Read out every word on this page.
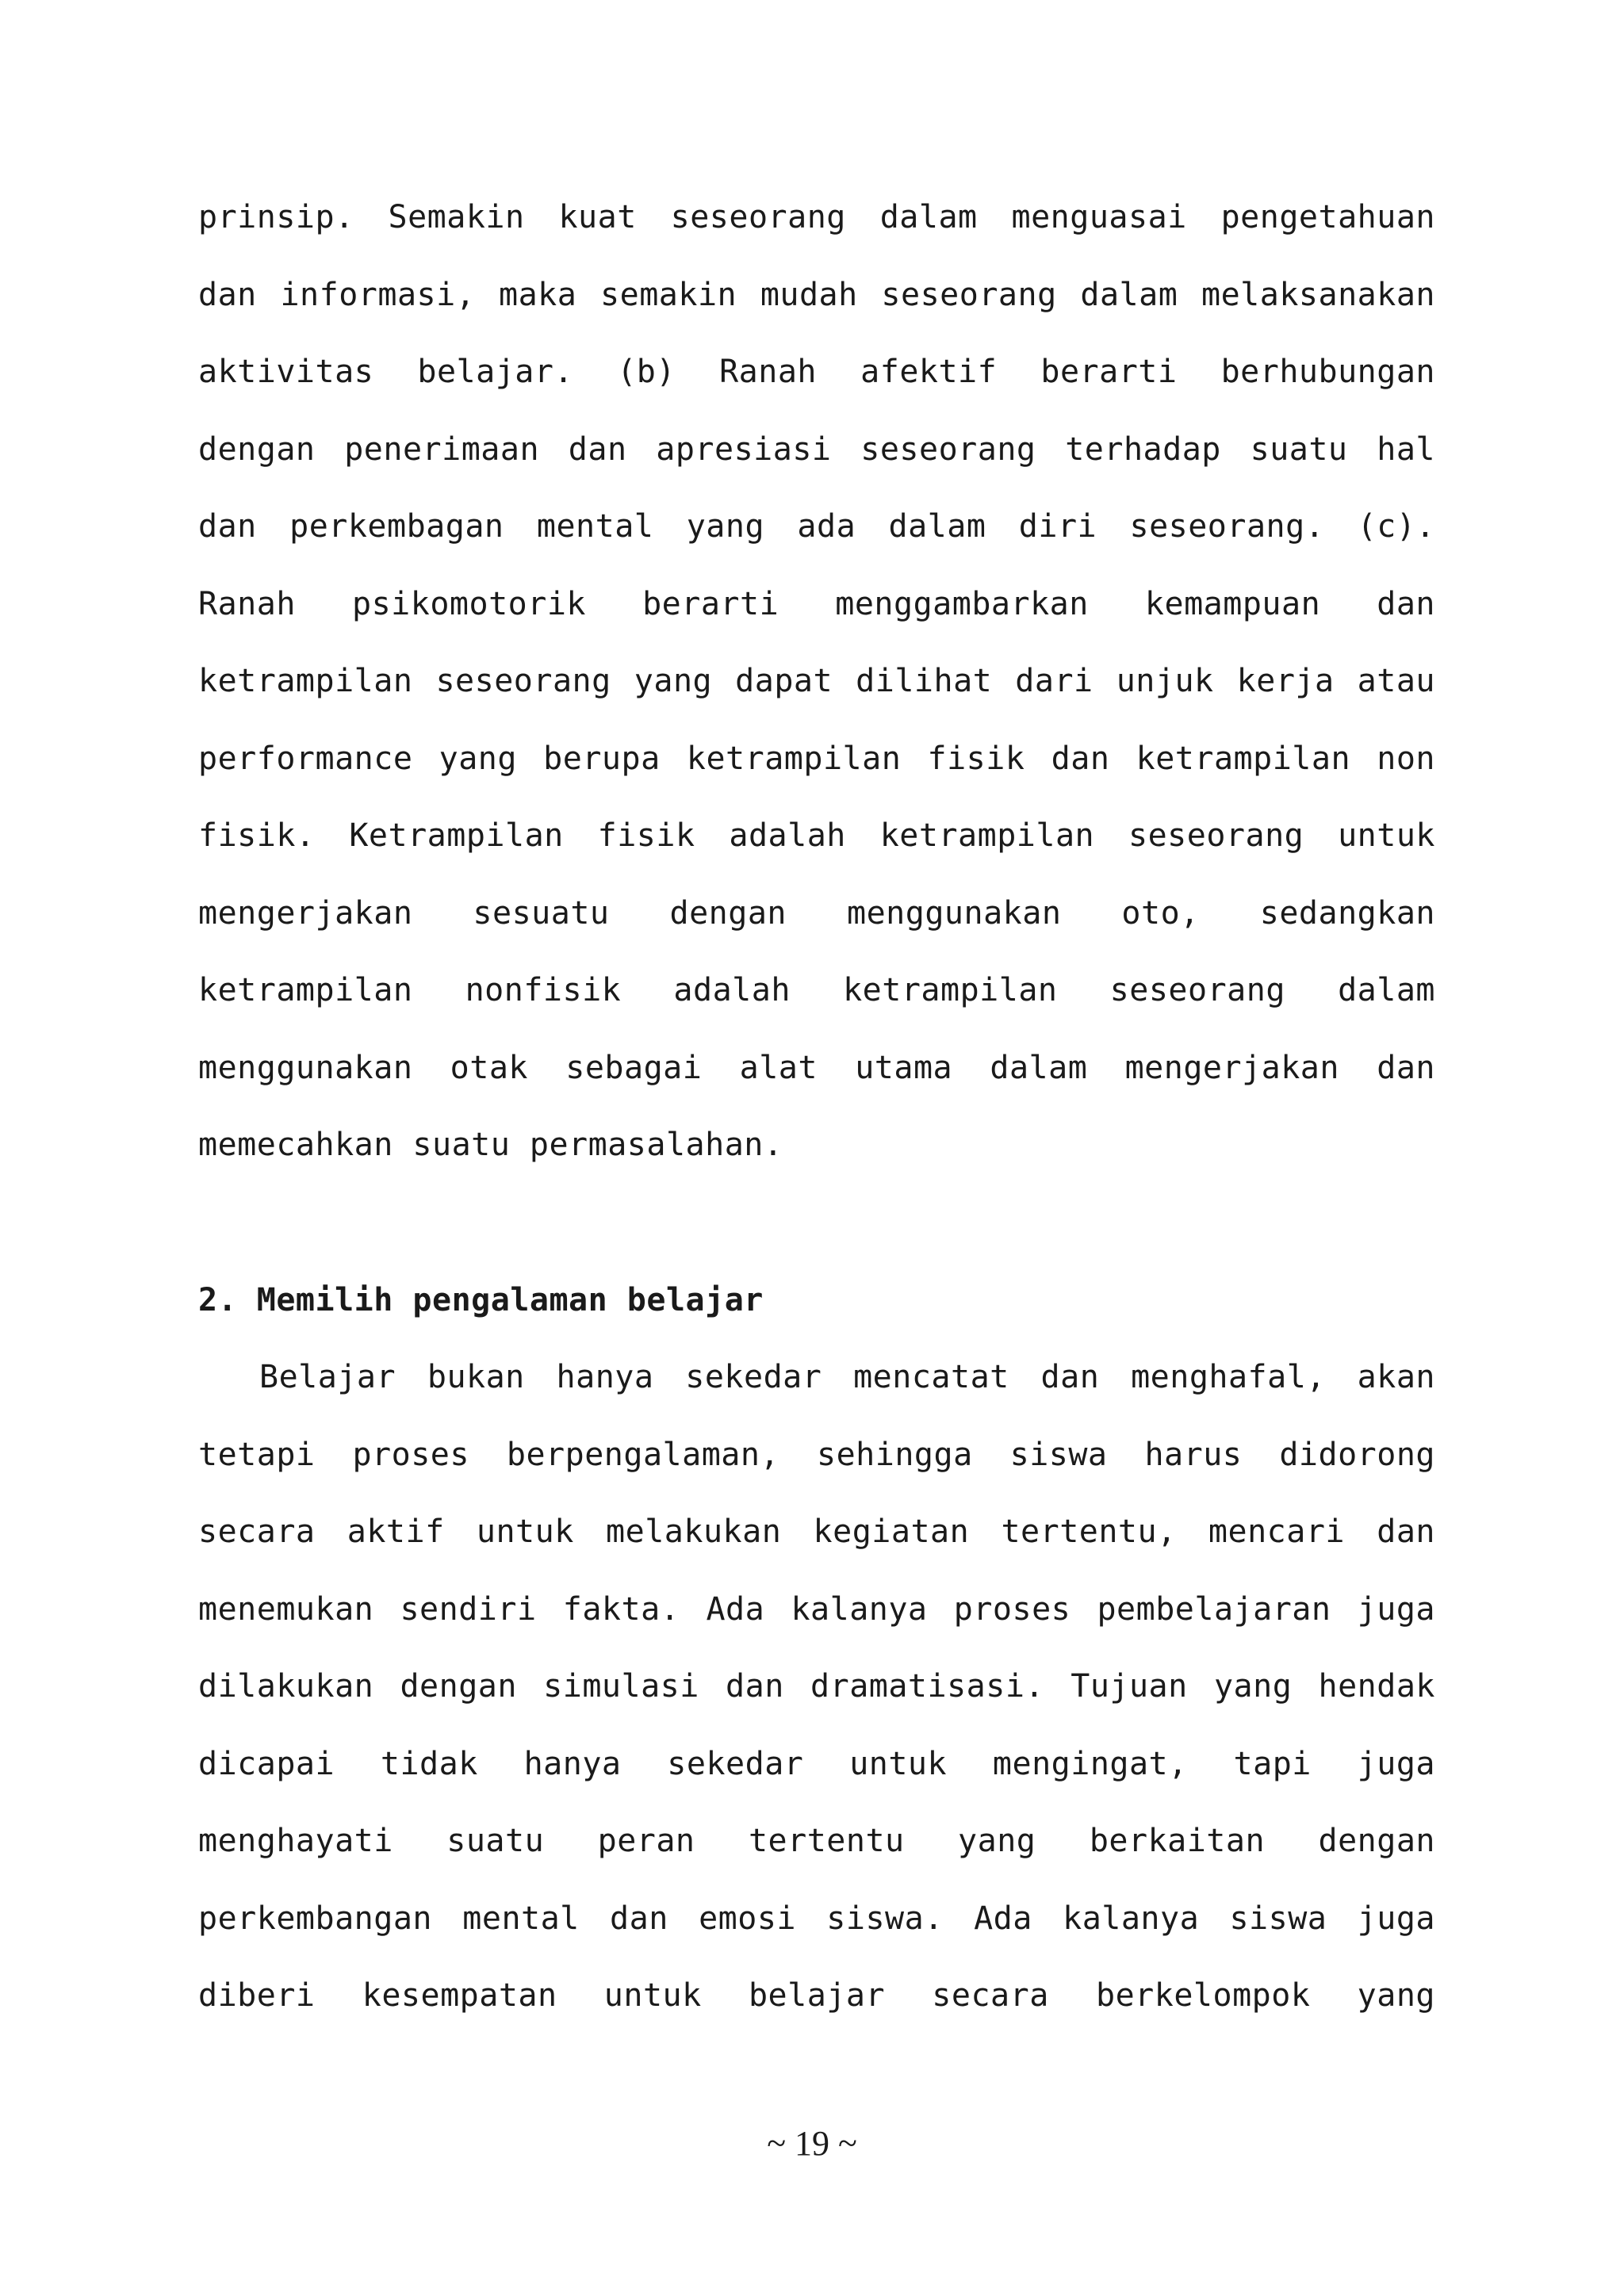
prinsip. Semakin kuat seseorang dalam menguasai pengetahuan
dan informasi, maka semakin mudah seseorang dalam melaksanakan
aktivitas belajar. (b) Ranah afektif berarti berhubungan
dengan penerimaan dan apresiasi seseorang terhadap suatu hal
dan perkembagan mental yang ada dalam diri seseorang. (c).
Ranah psikomotorik berarti menggambarkan kemampuan dan
ketrampilan seseorang yang dapat dilihat dari unjuk kerja atau
performance yang berupa ketrampilan fisik dan ketrampilan non
fisik. Ketrampilan fisik adalah ketrampilan seseorang untuk
mengerjakan sesuatu dengan menggunakan oto, sedangkan
ketrampilan nonfisik adalah ketrampilan seseorang dalam
menggunakan otak sebagai alat utama dalam mengerjakan dan
memecahkan suatu permasalahan.
2. Memilih pengalaman belajar
Belajar bukan hanya sekedar mencatat dan menghafal, akan
tetapi proses berpengalaman, sehingga siswa harus didorong
secara aktif untuk melakukan kegiatan tertentu, mencari dan
menemukan sendiri fakta. Ada kalanya proses pembelajaran juga
dilakukan dengan simulasi dan dramatisasi. Tujuan yang hendak
dicapai tidak hanya sekedar untuk mengingat, tapi juga
menghayati suatu peran tertentu yang berkaitan dengan
perkembangan mental dan emosi siswa. Ada kalanya siswa juga
diberi kesempatan untuk belajar secara berkelompok yang
~ 19 ~
